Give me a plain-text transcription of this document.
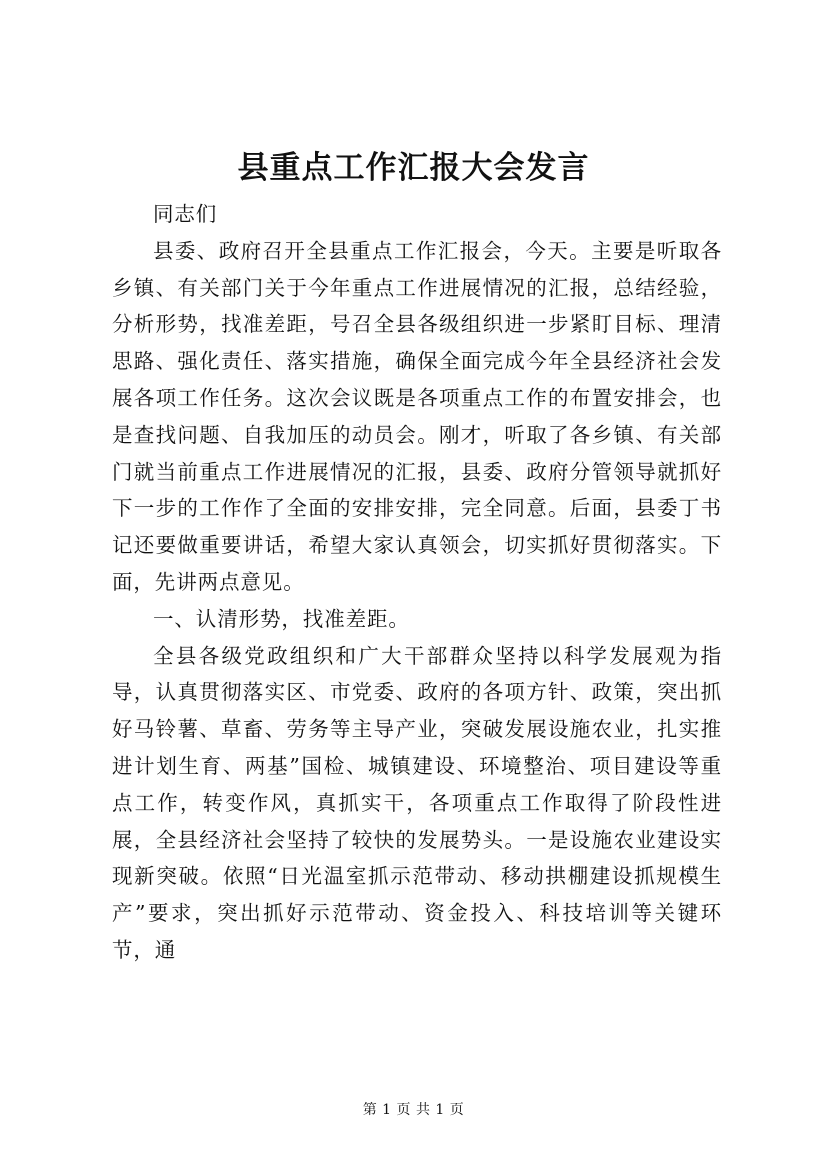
县重点工作汇报大会发言

同志们

县委、政府召开全县重点工作汇报会，今天。主要是听取各乡镇、有关部门关于今年重点工作进展情况的汇报，总结经验，分析形势，找准差距，号召全县各级组织进一步紧盯目标、理清思路、强化责任、落实措施，确保全面完成今年全县经济社会发展各项工作任务。这次会议既是各项重点工作的布置安排会，也是查找问题、自我加压的动员会。刚才，听取了各乡镇、有关部门就当前重点工作进展情况的汇报，县委、政府分管领导就抓好下一步的工作作了全面的安排安排，完全同意。后面，县委丁书记还要做重要讲话，希望大家认真领会，切实抓好贯彻落实。下面，先讲两点意见。

一、认清形势，找准差距。

全县各级党政组织和广大干部群众坚持以科学发展观为指导，认真贯彻落实区、市党委、政府的各项方针、政策，突出抓好马铃薯、草畜、劳务等主导产业，突破发展设施农业，扎实推进计划生育、两基”国检、城镇建设、环境整治、项目建设等重点工作，转变作风，真抓实干，各项重点工作取得了阶段性进展，全县经济社会坚持了较快的发展势头。一是设施农业建设实现新突破。依照“日光温室抓示范带动、移动拱棚建设抓规模生产”要求，突出抓好示范带动、资金投入、科技培训等关键环节，通

第 1 页 共 1 页
